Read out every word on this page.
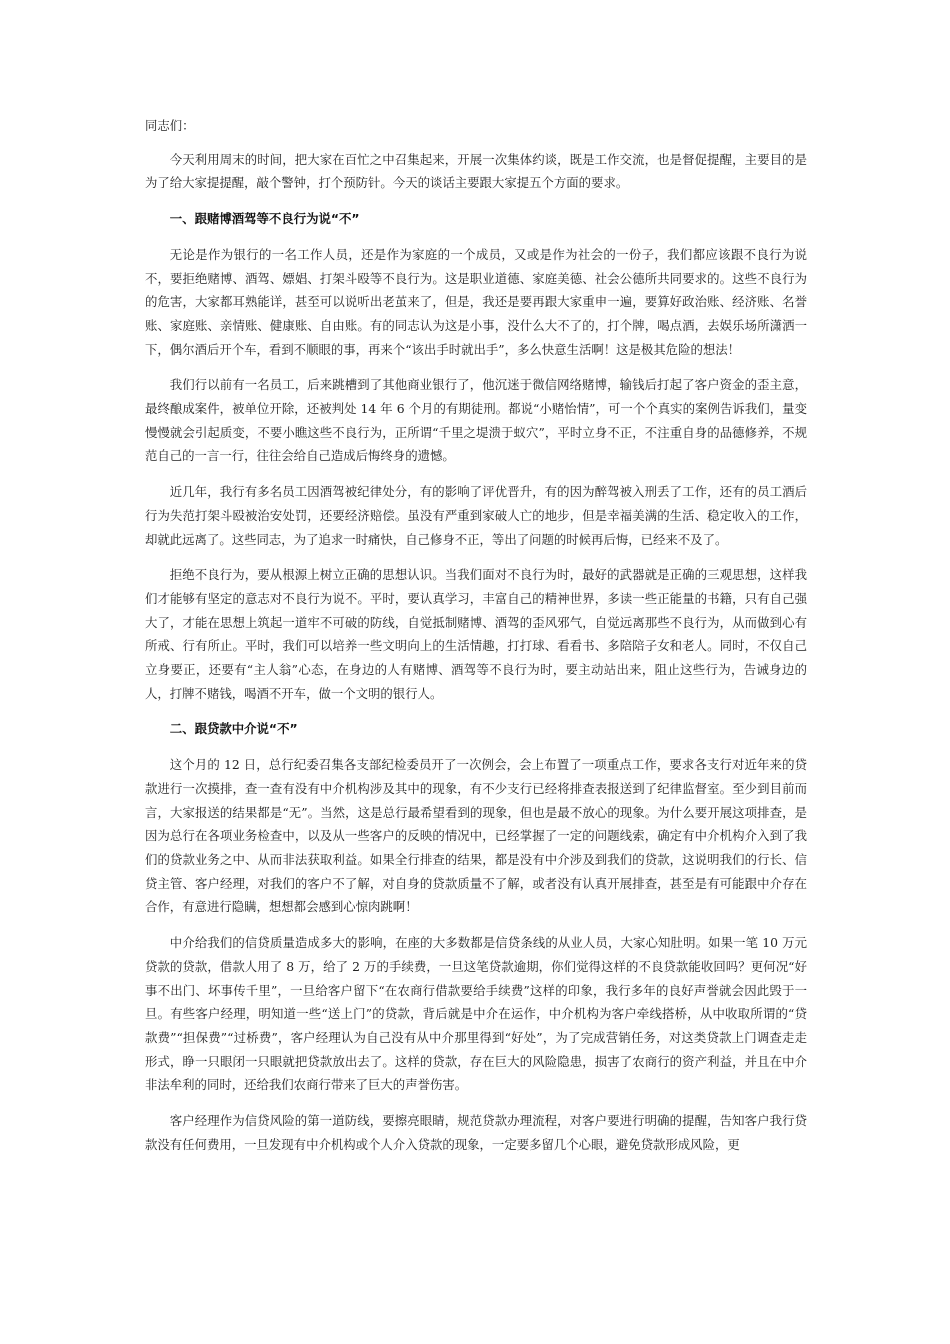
同志们：

今天利用周末的时间，把大家在百忙之中召集起来，开展一次集体约谈，既是工作交流，也是督促提醒，主要目的是为了给大家提提醒，敲个警钟，打个预防针。今天的谈话主要跟大家提五个方面的要求。

一、跟赌博酒驾等不良行为说“不”

无论是作为银行的一名工作人员，还是作为家庭的一个成员，又或是作为社会的一份子，我们都应该跟不良行为说不，要拒绝赌博、酒驾、嫖娼、打架斗殴等不良行为。这是职业道德、家庭美德、社会公德所共同要求的。这些不良行为的危害，大家都耳熟能详，甚至可以说听出老茧来了，但是，我还是要再跟大家重申一遍，要算好政治账、经济账、名誉账、家庭账、亲情账、健康账、自由账。有的同志认为这是小事，没什么大不了的，打个牌，喝点酒，去娱乐场所潇洒一下，偶尔酒后开个车，看到不顺眼的事，再来个“该出手时就出手”，多么快意生活啊！这是极其危险的想法！

我们行以前有一名员工，后来跳槽到了其他商业银行了，他沉迷于微信网络赌博，输钱后打起了客户资金的歪主意，最终酿成案件，被单位开除，还被判处 14 年 6 个月的有期徒刑。都说“小赌怡情”，可一个个真实的案例告诉我们，量变慢慢就会引起质变，不要小瞧这些不良行为，正所谓“千里之堤溃于蚁穴”，平时立身不正，不注重自身的品德修养，不规范自己的一言一行，往往会给自己造成后悔终身的遗憾。

近几年，我行有多名员工因酒驾被纪律处分，有的影响了评优晋升，有的因为醉驾被入刑丢了工作，还有的员工酒后行为失范打架斗殴被治安处罚，还要经济赔偿。虽没有严重到家破人亡的地步，但是幸福美满的生活、稳定收入的工作，却就此远离了。这些同志，为了追求一时痛快，自己修身不正，等出了问题的时候再后悔，已经来不及了。

拒绝不良行为，要从根源上树立正确的思想认识。当我们面对不良行为时，最好的武器就是正确的三观思想，这样我们才能够有坚定的意志对不良行为说不。平时，要认真学习，丰富自己的精神世界，多读一些正能量的书籍，只有自己强大了，才能在思想上筑起一道牢不可破的防线，自觉抵制赌博、酒驾的歪风邪气，自觉远离那些不良行为，从而做到心有所戒、行有所止。平时，我们可以培养一些文明向上的生活情趣，打打球、看看书、多陪陪子女和老人。同时，不仅自己立身要正，还要有“主人翁”心态，在身边的人有赌博、酒驾等不良行为时，要主动站出来，阻止这些行为，告诫身边的人，打牌不赌钱，喝酒不开车，做一个文明的银行人。

二、跟贷款中介说“不”

这个月的 12 日，总行纪委召集各支部纪检委员开了一次例会，会上布置了一项重点工作，要求各支行对近年来的贷款进行一次摸排，查一查有没有中介机构涉及其中的现象，有不少支行已经将排查表报送到了纪律监督室。至少到目前而言，大家报送的结果都是“无”。当然，这是总行最希望看到的现象，但也是最不放心的现象。为什么要开展这项排查，是因为总行在各项业务检查中，以及从一些客户的反映的情况中，已经掌握了一定的问题线索，确定有中介机构介入到了我们的贷款业务之中、从而非法获取利益。如果全行排查的结果，都是没有中介涉及到我们的贷款，这说明我们的行长、信贷主管、客户经理，对我们的客户不了解，对自身的贷款质量不了解，或者没有认真开展排查，甚至是有可能跟中介存在合作，有意进行隐瞒，想想都会感到心惊肉跳啊！

中介给我们的信贷质量造成多大的影响，在座的大多数都是信贷条线的从业人员，大家心知肚明。如果一笔 10 万元贷款的贷款，借款人用了 8 万，给了 2 万的手续费，一旦这笔贷款逾期，你们觉得这样的不良贷款能收回吗？更何况“好事不出门、坏事传千里”，一旦给客户留下“在农商行借款要给手续费”这样的印象，我行多年的良好声誉就会因此毁于一旦。有些客户经理，明知道一些“送上门”的贷款，背后就是中介在运作，中介机构为客户牵线搭桥，从中收取所谓的“贷款费”“担保费”“过桥费”，客户经理认为自己没有从中介那里得到“好处”，为了完成营销任务，对这类贷款上门调查走走形式，睁一只眼闭一只眼就把贷款放出去了。这样的贷款，存在巨大的风险隐患，损害了农商行的资产利益，并且在中介非法牟利的同时，还给我们农商行带来了巨大的声誉伤害。

客户经理作为信贷风险的第一道防线，要擦亮眼睛，规范贷款办理流程，对客户要进行明确的提醒，告知客户我行贷款没有任何费用，一旦发现有中介机构或个人介入贷款的现象，一定要多留几个心眼，避免贷款形成风险，更
